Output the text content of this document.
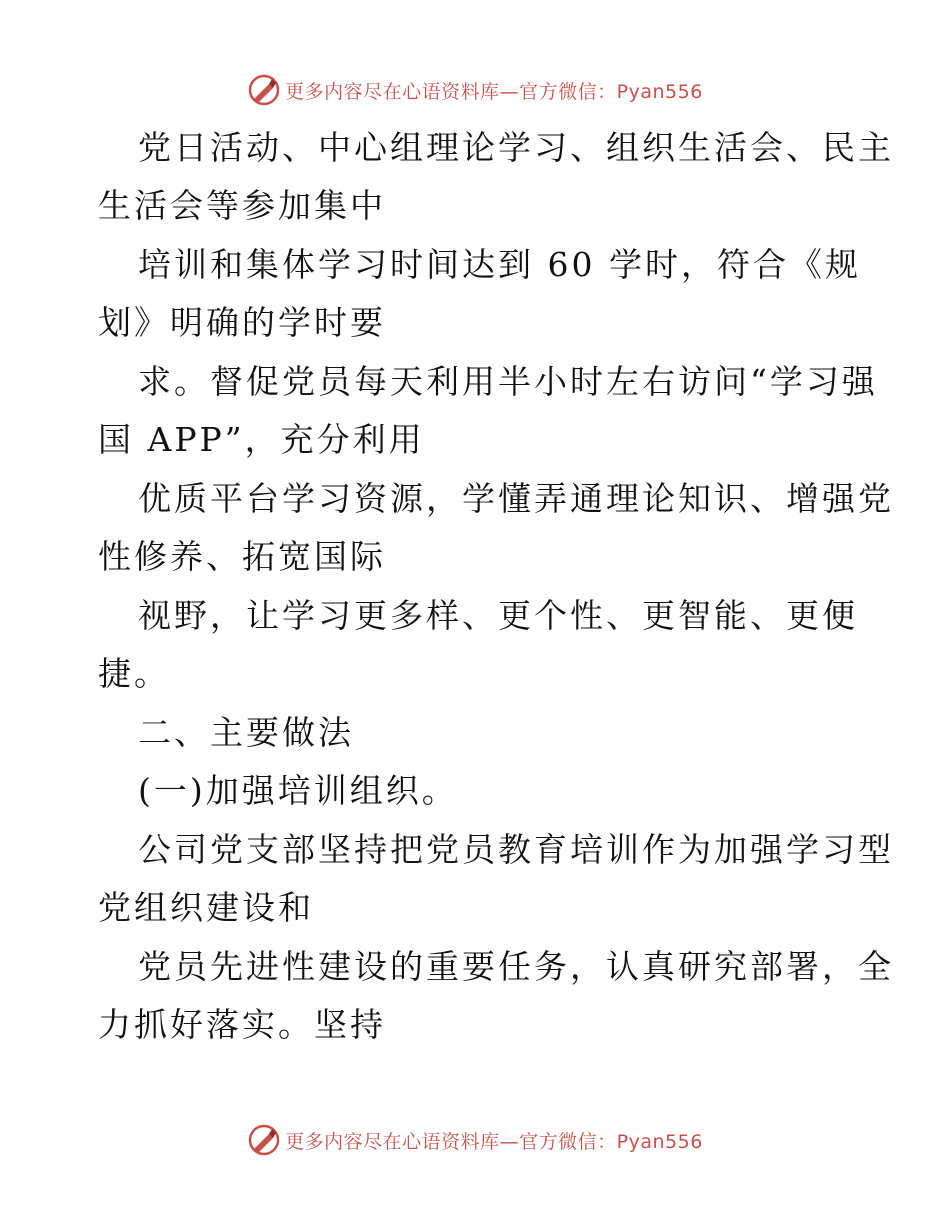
更多内容尽在心语资料库—官方微信：Pyan556
党日活动、中心组理论学习、组织生活会、民主
生活会等参加集中
培训和集体学习时间达到 60 学时，符合《规
划》明确的学时要
求。督促党员每天利用半小时左右访问“学习强
国 APP”，充分利用
优质平台学习资源，学懂弄通理论知识、增强党
性修养、拓宽国际
视野，让学习更多样、更个性、更智能、更便
捷。
二、主要做法
(一)加强培训组织。
公司党支部坚持把党员教育培训作为加强学习型
党组织建设和
党员先进性建设的重要任务，认真研究部署，全
力抓好落实。坚持
更多内容尽在心语资料库—官方微信：Pyan556
